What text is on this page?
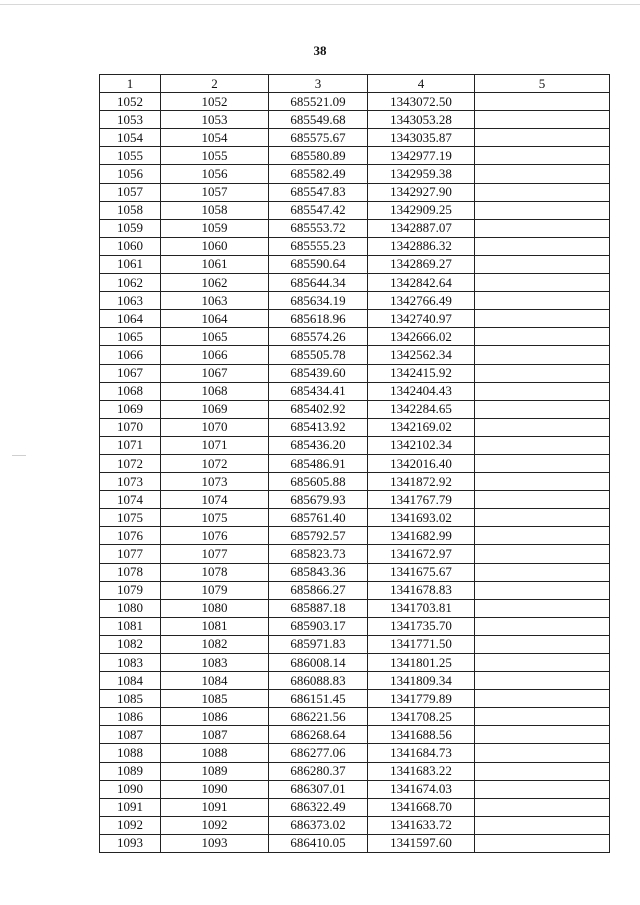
38
1	2	3	4	5
1052	1052	685521.09	1343072.50	
1053	1053	685549.68	1343053.28	
1054	1054	685575.67	1343035.87	
1055	1055	685580.89	1342977.19	
1056	1056	685582.49	1342959.38	
1057	1057	685547.83	1342927.90	
1058	1058	685547.42	1342909.25	
1059	1059	685553.72	1342887.07	
1060	1060	685555.23	1342886.32	
1061	1061	685590.64	1342869.27	
1062	1062	685644.34	1342842.64	
1063	1063	685634.19	1342766.49	
1064	1064	685618.96	1342740.97	
1065	1065	685574.26	1342666.02	
1066	1066	685505.78	1342562.34	
1067	1067	685439.60	1342415.92	
1068	1068	685434.41	1342404.43	
1069	1069	685402.92	1342284.65	
1070	1070	685413.92	1342169.02	
1071	1071	685436.20	1342102.34	
1072	1072	685486.91	1342016.40	
1073	1073	685605.88	1341872.92	
1074	1074	685679.93	1341767.79	
1075	1075	685761.40	1341693.02	
1076	1076	685792.57	1341682.99	
1077	1077	685823.73	1341672.97	
1078	1078	685843.36	1341675.67	
1079	1079	685866.27	1341678.83	
1080	1080	685887.18	1341703.81	
1081	1081	685903.17	1341735.70	
1082	1082	685971.83	1341771.50	
1083	1083	686008.14	1341801.25	
1084	1084	686088.83	1341809.34	
1085	1085	686151.45	1341779.89	
1086	1086	686221.56	1341708.25	
1087	1087	686268.64	1341688.56	
1088	1088	686277.06	1341684.73	
1089	1089	686280.37	1341683.22	
1090	1090	686307.01	1341674.03	
1091	1091	686322.49	1341668.70	
1092	1092	686373.02	1341633.72	
1093	1093	686410.05	1341597.60	
